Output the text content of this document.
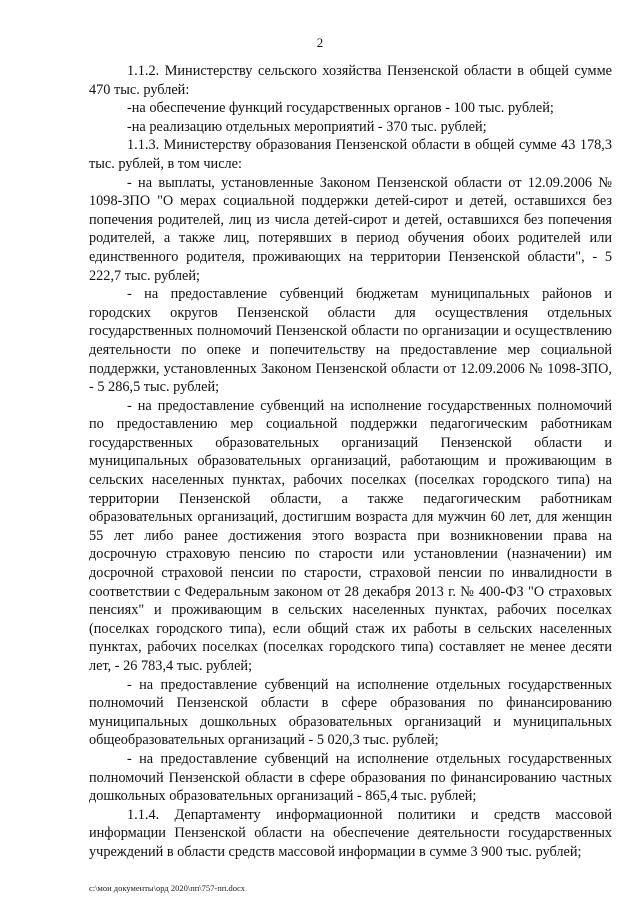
2

1.1.2. Министерству сельского хозяйства Пензенской области в общей сумме 470 тыс. рублей:

-на обеспечение функций государственных органов - 100 тыс. рублей;

-на реализацию отдельных мероприятий - 370 тыс. рублей;

1.1.3. Министерству образования Пензенской области в общей сумме 43 178,3 тыс. рублей, в том числе:

- на выплаты, установленные Законом Пензенской области от 12.09.2006 № 1098-ЗПО "О мерах социальной поддержки детей-сирот и детей, оставшихся без попечения родителей, лиц из числа детей-сирот и детей, оставшихся без попечения родителей, а также лиц, потерявших в период обучения обоих родителей или единственного родителя, проживающих на территории Пензенской области", - 5 222,7 тыс. рублей;

- на предоставление субвенций бюджетам муниципальных районов и городских округов Пензенской области для осуществления отдельных государственных полномочий Пензенской области по организации и осуществлению деятельности по опеке и попечительству на предоставление мер социальной поддержки, установленных Законом Пензенской области от 12.09.2006 № 1098-ЗПО, - 5 286,5 тыс. рублей;

- на предоставление субвенций на исполнение государственных полномочий по предоставлению мер социальной поддержки педагогическим работникам государственных образовательных организаций Пензенской области и муниципальных образовательных организаций, работающим и проживающим в сельских населенных пунктах, рабочих поселках (поселках городского типа) на территории Пензенской области, а также педагогическим работникам образовательных организаций, достигшим возраста для мужчин 60 лет, для женщин 55 лет либо ранее достижения этого возраста при возникновении права на досрочную страховую пенсию по старости или установлении (назначении) им досрочной страховой пенсии по старости, страховой пенсии по инвалидности в соответствии с Федеральным законом от 28 декабря 2013 г. № 400-ФЗ "О страховых пенсиях" и проживающим в сельских населенных пунктах, рабочих поселках (поселках городского типа), если общий стаж их работы в сельских населенных пунктах, рабочих поселках (поселках городского типа) составляет не менее десяти лет, - 26 783,4 тыс. рублей;

- на предоставление субвенций на исполнение отдельных государственных полномочий Пензенской области в сфере образования по финансированию муниципальных дошкольных образовательных организаций и муниципальных общеобразовательных организаций - 5 020,3 тыс. рублей;

- на предоставление субвенций на исполнение отдельных государственных полномочий Пензенской области в сфере образования по финансированию частных дошкольных образовательных организаций - 865,4 тыс. рублей;

1.1.4. Департаменту информационной политики и средств массовой информации Пензенской области на обеспечение деятельности государственных учреждений в области средств массовой информации в сумме 3 900 тыс. рублей;

c:\мои документы\орд 2020\пп\757-пп.docx
